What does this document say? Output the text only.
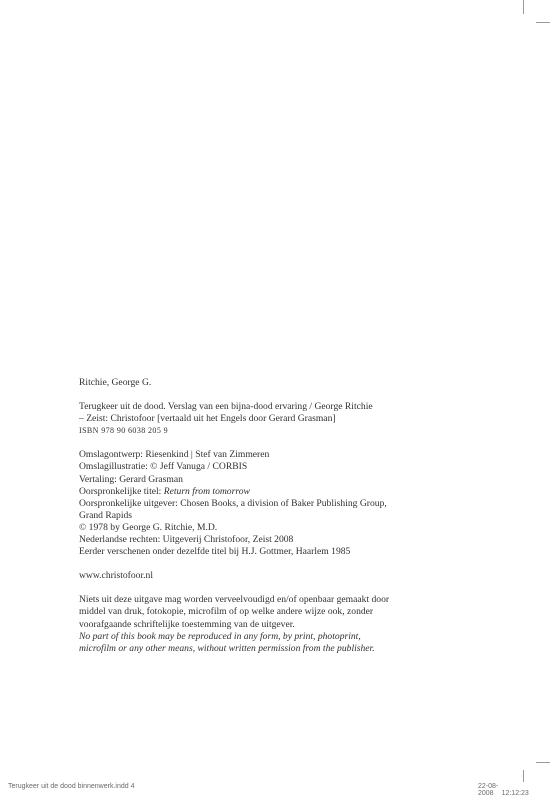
Ritchie, George G.
Terugkeer uit de dood. Verslag van een bijna-dood ervaring / George Ritchie
– Zeist: Christofoor [vertaald uit het Engels door Gerard Grasman]
ISBN 978 90 6038 205 9
Omslagontwerp: Riesenkind | Stef van Zimmeren
Omslagillustratie: © Jeff Vanuga / CORBIS
Vertaling: Gerard Grasman
Oorspronkelijke titel: Return from tomorrow
Oorspronkelijke uitgever: Chosen Books, a division of Baker Publishing Group,
Grand Rapids
© 1978 by George G. Ritchie, M.D.
Nederlandse rechten: Uitgeverij Christofoor, Zeist 2008
Eerder verschenen onder dezelfde titel bij H.J. Gottmer, Haarlem 1985
www.christofoor.nl
Niets uit deze uitgave mag worden verveelvoudigd en/of openbaar gemaakt door
middel van druk, fotokopie, microfilm of op welke andere wijze ook, zonder
voorafgaande schriftelijke toestemming van de uitgever.
No part of this book may be reproduced in any form, by print, photoprint,
microfilm or any other means, without written permission from the publisher.
Terugkeer uit de dood binnenwerk.indd 4	22-08-2008 12:12:23
